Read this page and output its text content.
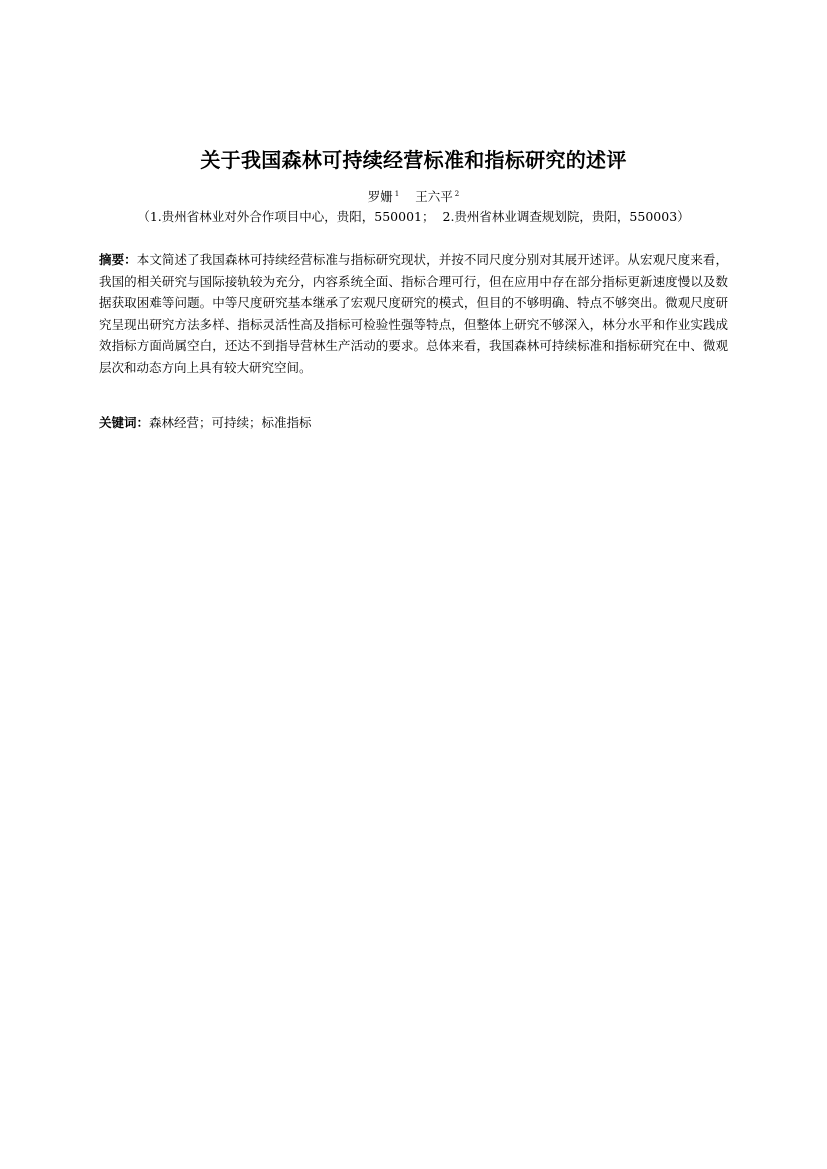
关于我国森林可持续经营标准和指标研究的述评
罗姗 $^1$ 王六平 $^2$
（1.贵州省林业对外合作项目中心，贵阳，550001； 2.贵州省林业调查规划院，贵阳，550003）
摘要：本文简述了我国森林可持续经营标准与指标研究现状，并按不同尺度分别对其展开述评。从宏观尺度来看，我国的相关研究与国际接轨较为充分，内容系统全面、指标合理可行，但在应用中存在部分指标更新速度慢以及数据获取困难等问题。中等尺度研究基本继承了宏观尺度研究的模式，但目的不够明确、特点不够突出。微观尺度研究呈现出研究方法多样、指标灵活性高及指标可检验性强等特点，但整体上研究不够深入，林分水平和作业实践成效指标方面尚属空白，还达不到指导营林生产活动的要求。总体来看，我国森林可持续标准和指标研究在中、微观层次和动态方向上具有较大研究空间。
关键词：森林经营；可持续；标准指标
